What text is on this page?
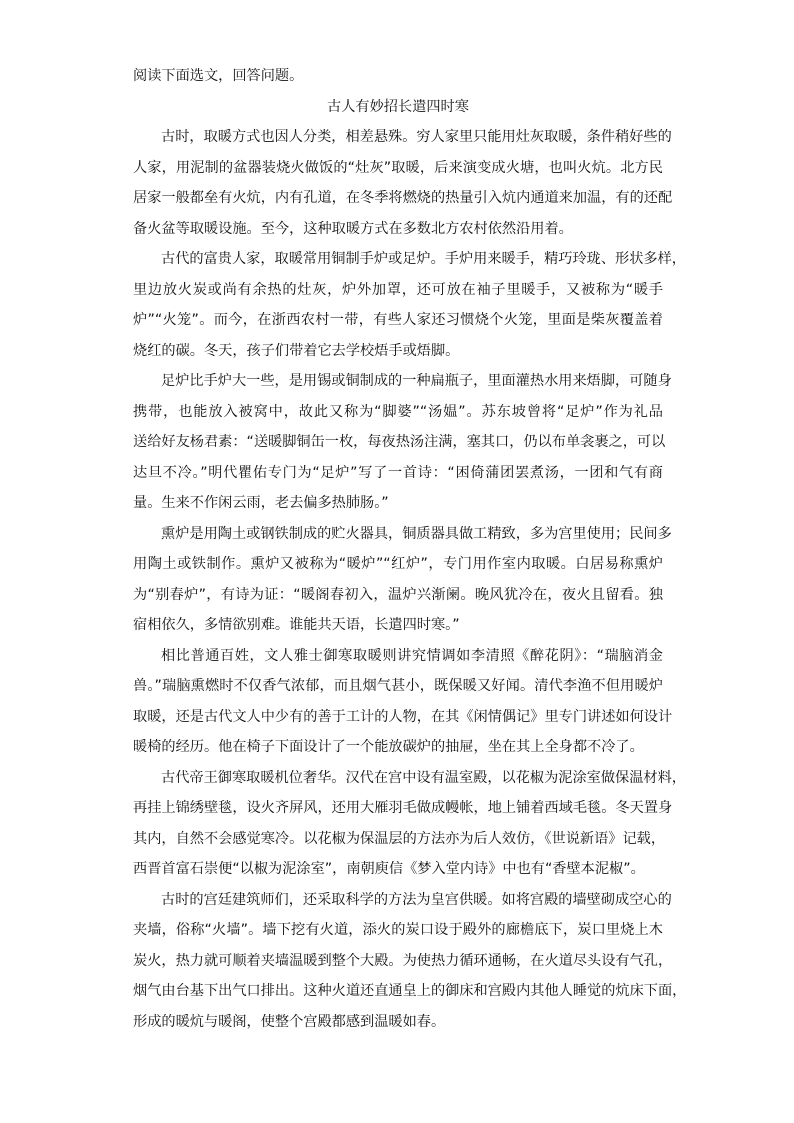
阅读下面选文，回答问题。
古人有妙招长遣四时寒
古时，取暖方式也因人分类，相差悬殊。穷人家里只能用灶灰取暖，条件稍好些的
人家，用泥制的盆器装烧火做饭的“灶灰”取暖，后来演变成火塘，也叫火炕。北方民
居家一般都垒有火炕，内有孔道，在冬季将燃烧的热量引入炕内通道来加温，有的还配
备火盆等取暖设施。至今，这种取暖方式在多数北方农村依然沿用着。
古代的富贵人家，取暖常用铜制手炉或足炉。手炉用来暖手，精巧玲珑、形状多样，
里边放火炭或尚有余热的灶灰，炉外加罩，还可放在袖子里暖手，又被称为“暖手
炉”“火笼”。而今，在浙西农村一带，有些人家还习惯烧个火笼，里面是柴灰覆盖着
烧红的碳。冬天，孩子们带着它去学校焐手或焐脚。
足炉比手炉大一些，是用锡或铜制成的一种扁瓶子，里面灌热水用来焐脚，可随身
携带，也能放入被窝中，故此又称为“脚婆”“汤媪”。苏东坡曾将“足炉”作为礼品
送给好友杨君素：“送暖脚铜缶一枚，每夜热汤注满，塞其口，仍以布单衾裹之，可以
达旦不冷。”明代瞿佑专门为“足炉”写了一首诗：“困倚蒲团罢煮汤，一团和气有商
量。生来不作闲云雨，老去偏多热肺肠。”
熏炉是用陶土或钢铁制成的贮火器具，铜质器具做工精致，多为宫里使用；民间多
用陶土或铁制作。熏炉又被称为“暖炉”“红炉”，专门用作室内取暖。白居易称熏炉
为“别春炉”，有诗为证：“暖阁春初入，温炉兴渐阑。晚风犹冷在，夜火且留看。独
宿相依久，多情欲别难。谁能共天语，长遣四时寒。”
相比普通百姓，文人雅士御寒取暖则讲究情调如李清照《醉花阴》：“瑞脑消金
兽。”瑞脑熏燃时不仅香气浓郁，而且烟气甚小，既保暖又好闻。清代李渔不但用暖炉
取暖，还是古代文人中少有的善于工计的人物，在其《闲情偶记》里专门讲述如何设计
暖椅的经历。他在椅子下面设计了一个能放碳炉的抽屉，坐在其上全身都不冷了。
古代帝王御寒取暖机位奢华。汉代在宫中设有温室殿，以花椒为泥涂室做保温材料，
再挂上锦绣壁毯，设火齐屏风，还用大雁羽毛做成幔帐，地上铺着西域毛毯。冬天置身
其内，自然不会感觉寒冷。以花椒为保温层的方法亦为后人效仿，《世说新语》记载，
西晋首富石崇便“以椒为泥涂室”，南朝庾信《梦入堂内诗》中也有“香壁本泥椒”。
古时的宫廷建筑师们，还采取科学的方法为皇宫供暖。如将宫殿的墙壁砌成空心的
夹墙，俗称“火墙”。墙下挖有火道，添火的炭口设于殿外的廊檐底下，炭口里烧上木
炭火，热力就可顺着夹墙温暖到整个大殿。为使热力循环通畅，在火道尽头设有气孔，
烟气由台基下出气口排出。这种火道还直通皇上的御床和宫殿内其他人睡觉的炕床下面，
形成的暖炕与暖阁，使整个宫殿都感到温暖如春。
